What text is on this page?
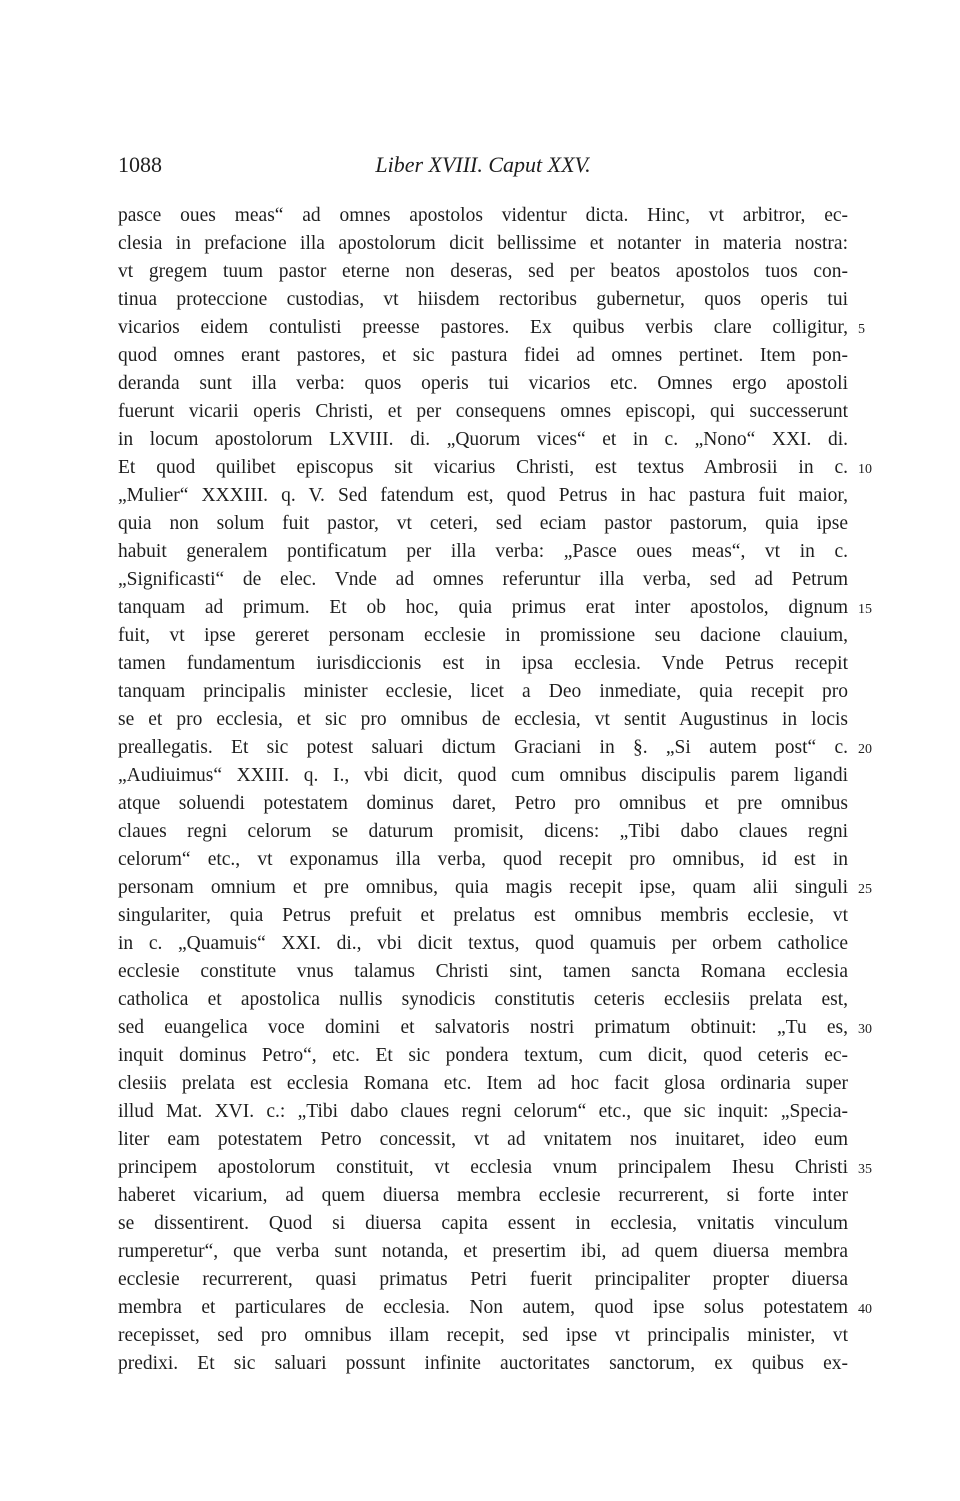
1088	Liber XVIII. Caput XXV.
pasce oues meas“ ad omnes apostolos videntur dicta. Hinc, vt arbitror, ec-
clesia in prefacione illa apostolorum dicit bellissime et notanter in materia nostra:
vt gregem tuum pastor eterne non deseras, sed per beatos apostolos tuos con-
tinua proteccione custodias, vt hiisdem rectoribus gubernetur, quos operis tui
vicarios eidem contulisti preesse pastores. Ex quibus verbis clare colligitur, 5
quod omnes erant pastores, et sic pastura fidei ad omnes pertinet. Item pon-
deranda sunt illa verba: quos operis tui vicarios etc. Omnes ergo apostoli
fuerunt vicarii operis Christi, et per consequens omnes episcopi, qui successerunt
in locum apostolorum LXVIII. di. „Quorum vices“ et in c. „Nono“ XXI. di.
Et quod quilibet episcopus sit vicarius Christi, est textus Ambrosii in c. 10
„Mulier“ XXXIII. q. V. Sed fatendum est, quod Petrus in hac pastura fuit maior,
quia non solum fuit pastor, vt ceteri, sed eciam pastor pastorum, quia ipse
habuit generalem pontificatum per illa verba: „Pasce oues meas“, vt in c.
„Significasti“ de elec. Vnde ad omnes referuntur illa verba, sed ad Petrum
tanquam ad primum. Et ob hoc, quia primus erat inter apostolos, dignum 15
fuit, vt ipse gereret personam ecclesie in promissione seu dacione clauium,
tamen fundamentum iurisdiccionis est in ipsa ecclesia. Vnde Petrus recepit
tanquam principalis minister ecclesie, licet a Deo inmediate, quia recepit pro
se et pro ecclesia, et sic pro omnibus de ecclesia, vt sentit Augustinus in locis
preallegatis. Et sic potest saluari dictum Graciani in §. „Si autem post“ c. 20
„Audiuimus“ XXIII. q. I., vbi dicit, quod cum omnibus discipulis parem ligandi
atque soluendi potestatem dominus daret, Petro pro omnibus et pre omnibus
claues regni celorum se daturum promisit, dicens: „Tibi dabo claues regni
celorum“ etc., vt exponamus illa verba, quod recepit pro omnibus, id est in
personam omnium et pre omnibus, quia magis recepit ipse, quam alii singuli 25
singulariter, quia Petrus prefuit et prelatus est omnibus membris ecclesie, vt
in c. „Quamuis“ XXI. di., vbi dicit textus, quod quamuis per orbem catholice
ecclesie constitute vnus talamus Christi sint, tamen sancta Romana ecclesia
catholica et apostolica nullis synodicis constitutis ceteris ecclesiis prelata est,
sed euangelica voce domini et salvatoris nostri primatum obtinuit: „Tu es, 30
inquit dominus Petro“, etc. Et sic pondera textum, cum dicit, quod ceteris ec-
clesiis prelata est ecclesia Romana etc. Item ad hoc facit glosa ordinaria super
illud Mat. XVI. c.: „Tibi dabo claues regni celorum“ etc., que sic inquit: „Specia-
liter eam potestatem Petro concessit, vt ad vnitatem nos inuitaret, ideo eum
principem apostolorum constituit, vt ecclesia vnum principalem Ihesu Christi 35
haberet vicarium, ad quem diuersa membra ecclesie recurrerent, si forte inter
se dissentirent. Quod si diuersa capita essent in ecclesia, vnitatis vinculum
rumperetur“, que verba sunt notanda, et presertim ibi, ad quem diuersa membra
ecclesie recurrerent, quasi primatus Petri fuerit principaliter propter diuersa
membra et particulares de ecclesia. Non autem, quod ipse solus potestatem 40
recepisset, sed pro omnibus illam recepit, sed ipse vt principalis minister, vt
predixi. Et sic saluari possunt infinite auctoritates sanctorum, ex quibus ex-
